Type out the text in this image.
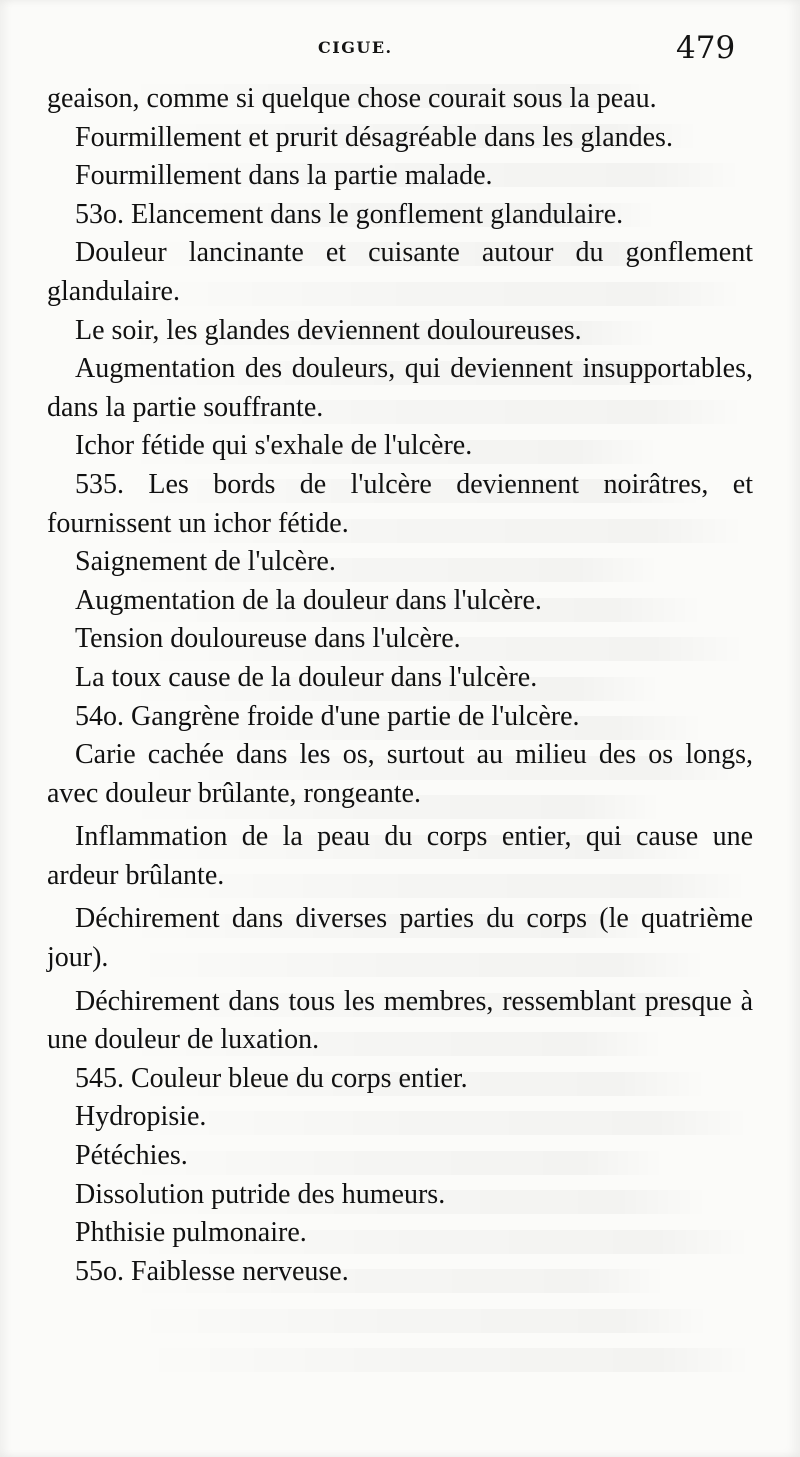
CIGUE.	479

geaison, comme si quelque chose courait sous la peau.

Fourmillement et prurit désagréable dans les glandes.

Fourmillement dans la partie malade.

53o. Elancement dans le gonflement glandulaire.

Douleur lancinante et cuisante autour du gonflement glandulaire.

Le soir, les glandes deviennent douloureuses.

Augmentation des douleurs, qui deviennent insupportables, dans la partie souffrante.

Ichor fétide qui s'exhale de l'ulcère.

535. Les bords de l'ulcère deviennent noirâtres, et fournissent un ichor fétide.

Saignement de l'ulcère.

Augmentation de la douleur dans l'ulcère.

Tension douloureuse dans l'ulcère.

La toux cause de la douleur dans l'ulcère.

54o. Gangrène froide d'une partie de l'ulcère.

Carie cachée dans les os, surtout au milieu des os longs, avec douleur brûlante, rongeante.

Inflammation de la peau du corps entier, qui cause une ardeur brûlante.

Déchirement dans diverses parties du corps (le quatrième jour).

Déchirement dans tous les membres, ressemblant presque à une douleur de luxation.

545. Couleur bleue du corps entier.

Hydropisie.

Pétéchies.

Dissolution putride des humeurs.

Phthisie pulmonaire.

55o. Faiblesse nerveuse.
